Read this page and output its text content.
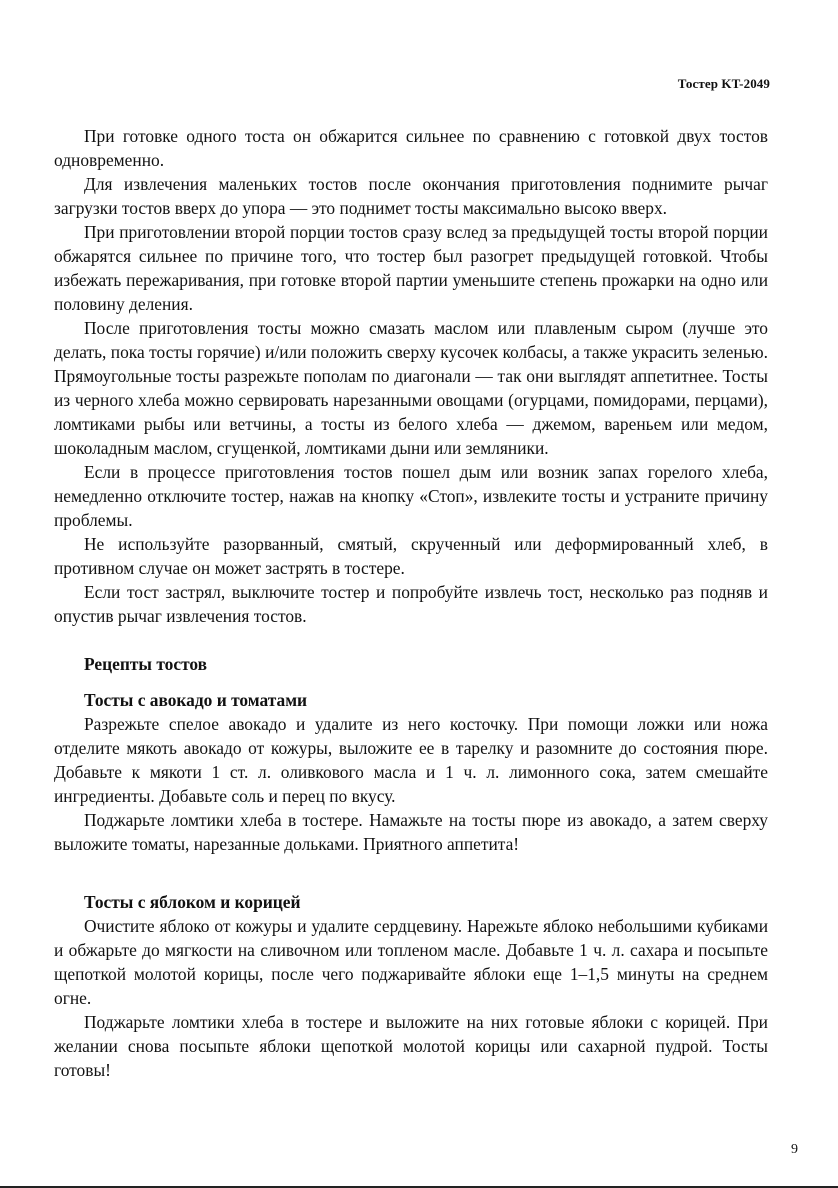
Тостер KT-2049

При готовке одного тоста он обжарится сильнее по сравнению с готовкой двух тостов одновременно.

Для извлечения маленьких тостов после окончания приготовления поднимите рычаг загрузки тостов вверх до упора — это поднимет тосты максимально высоко вверх.

При приготовлении второй порции тостов сразу вслед за предыдущей тосты второй порции обжарятся сильнее по причине того, что тостер был разогрет предыдущей готовкой. Чтобы избежать пережаривания, при готовке второй партии уменьшите степень прожарки на одно или половину деления.

После приготовления тосты можно смазать маслом или плавленым сыром (лучше это делать, пока тосты горячие) и/или положить сверху кусочек колбасы, а также украсить зеленью. Прямоугольные тосты разрежьте пополам по диагонали — так они выглядят аппетитнее. Тосты из черного хлеба можно сервировать нарезанными овощами (огурцами, помидорами, перцами), ломтиками рыбы или ветчины, а тосты из белого хлеба — джемом, вареньем или медом, шоколадным маслом, сгущенкой, ломтиками дыни или земляники.

Если в процессе приготовления тостов пошел дым или возник запах горелого хлеба, немедленно отключите тостер, нажав на кнопку «Стоп», извлеките тосты и устраните причину проблемы.

Не используйте разорванный, смятый, скрученный или деформированный хлеб, в противном случае он может застрять в тостере.

Если тост застрял, выключите тостер и попробуйте извлечь тост, несколько раз подняв и опустив рычаг извлечения тостов.

Рецепты тостов
Тосты с авокадо и томатами

Разрежьте спелое авокадо и удалите из него косточку. При помощи ложки или ножа отделите мякоть авокадо от кожуры, выложите ее в тарелку и разомните до состояния пюре. Добавьте к мякоти 1 ст. л. оливкового масла и 1 ч. л. лимонного сока, затем смешайте ингредиенты. Добавьте соль и перец по вкусу.

Поджарьте ломтики хлеба в тостере. Намажьте на тосты пюре из авокадо, а затем сверху выложите томаты, нарезанные дольками. Приятного аппетита!

Тосты с яблоком и корицей

Очистите яблоко от кожуры и удалите сердцевину. Нарежьте яблоко небольшими кубиками и обжарьте до мягкости на сливочном или топленом масле. Добавьте 1 ч. л. сахара и посыпьте щепоткой молотой корицы, после чего поджаривайте яблоки еще 1–1,5 минуты на среднем огне.

Поджарьте ломтики хлеба в тостере и выложите на них готовые яблоки с корицей. При желании снова посыпьте яблоки щепоткой молотой корицы или сахарной пудрой. Тосты готовы!

9
